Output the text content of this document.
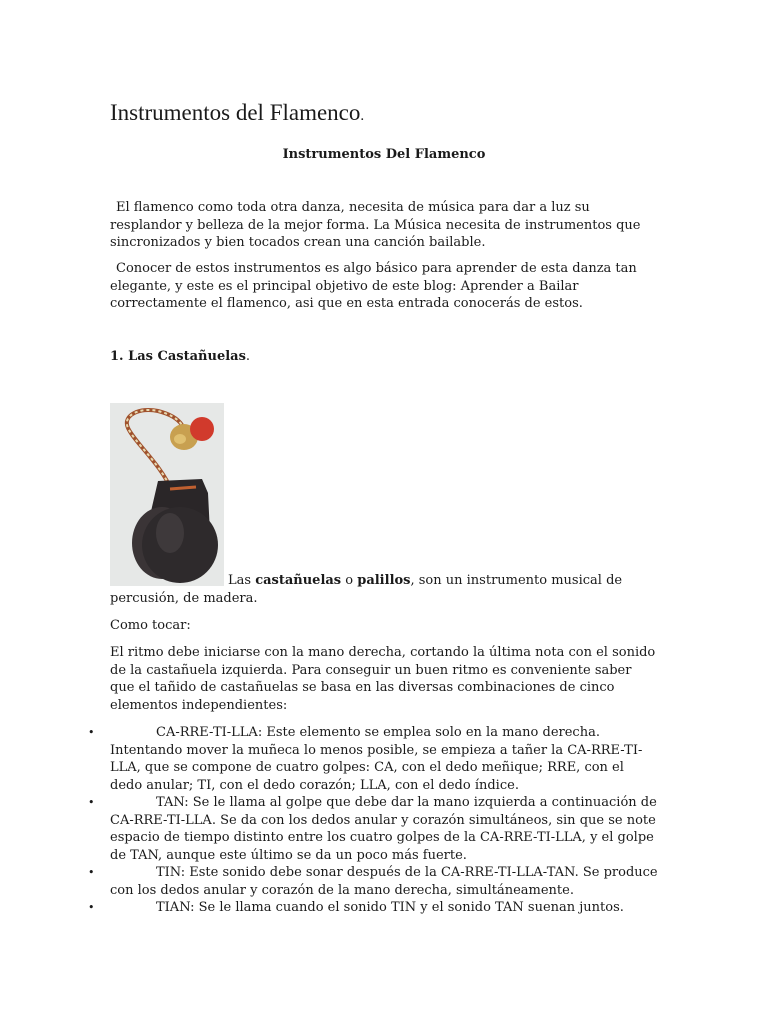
Instrumentos del Flamenco.
Instrumentos Del Flamenco

El flamenco como toda otra danza, necesita de música para dar a luz su resplandor y belleza de la mejor forma. La Música necesita de instrumentos que sincronizados y bien tocados crean una canción bailable.

Conocer de estos instrumentos es algo básico para aprender de esta danza tan elegante, y este es el principal objetivo de este blog: Aprender a Bailar correctamente el flamenco, asi que en esta entrada conocerás de estos.

1. Las Castañuelas.

Las castañuelas o palillos, son un instrumento musical de percusión, de madera.

Como tocar:

El ritmo debe iniciarse con la mano derecha, cortando la última nota con el sonido de la castañuela izquierda. Para conseguir un buen ritmo es conveniente saber que el tañido de castañuelas se basa en las diversas combinaciones de cinco elementos independientes:

•	CA-RRE-TI-LLA: Este elemento se emplea solo en la mano derecha. Intentando mover la muñeca lo menos posible, se empieza a tañer la CA-RRE-TI-LLA, que se compone de cuatro golpes: CA, con el dedo meñique; RRE, con el dedo anular; TI, con el dedo corazón; LLA, con el dedo índice.
•	TAN: Se le llama al golpe que debe dar la mano izquierda a continuación de CA-RRE-TI-LLA. Se da con los dedos anular y corazón simultáneos, sin que se note espacio de tiempo distinto entre los cuatro golpes de la CA-RRE-TI-LLA, y el golpe de TAN, aunque este último se da un poco más fuerte.
•	TIN: Este sonido debe sonar después de la CA-RRE-TI-LLA-TAN. Se produce con los dedos anular y corazón de la mano derecha, simultáneamente.
•	TIAN: Se le llama cuando el sonido TIN y el sonido TAN suenan juntos.
